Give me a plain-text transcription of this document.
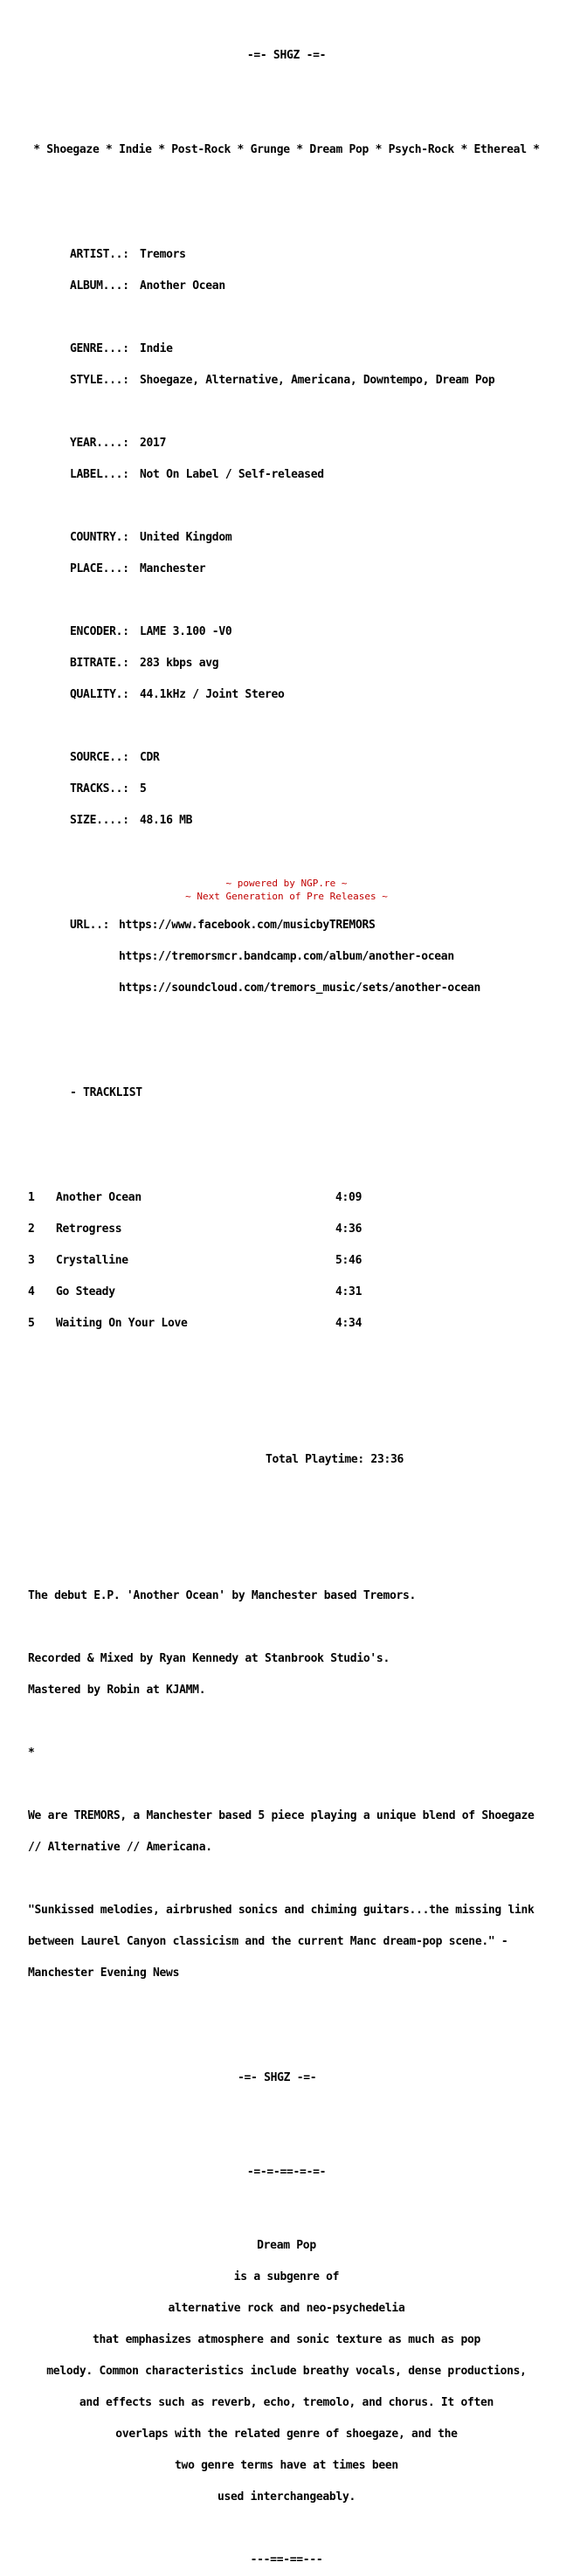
-=- SHGZ -=-

* Shoegaze * Indie * Post-Rock * Grunge * Dream Pop * Psych-Rock * Ethereal *

ARTIST..: Tremors

ALBUM...: Another Ocean

GENRE...: Indie

STYLE...: Shoegaze, Alternative, Americana, Downtempo, Dream Pop

YEAR....: 2017

LABEL...: Not On Label / Self-released

COUNTRY.: United Kingdom

PLACE...: Manchester

ENCODER.: LAME 3.100 -V0

BITRATE.: 283 kbps avg

QUALITY.: 44.1kHz / Joint Stereo

SOURCE..: CDR

TRACKS..: 5

SIZE....: 48.16 MB

URL..: https://www.facebook.com/musicbyTREMORS

https://tremorsmcr.bandcamp.com/album/another-ocean

https://soundcloud.com/tremors_music/sets/another-ocean

- TRACKLIST

1 Another Ocean	4:09

2 Retrogress	4:36

3 Crystalline	5:46

4 Go Steady	4:31

5 Waiting On Your Love	4:34

Total Playtime: 23:36

The debut E.P. 'Another Ocean' by Manchester based Tremors.

Recorded & Mixed by Ryan Kennedy at Stanbrook Studio's.

Mastered by Robin at KJAMM.

*

We are TREMORS, a Manchester based 5 piece playing a unique blend of Shoegaze

// Alternative // Americana.

"Sunkissed melodies, airbrushed sonics and chiming guitars...the missing link

between Laurel Canyon classicism and the current Manc dream-pop scene." -

Manchester Evening News

-=- SHGZ -=-

-=-=-==-=-=-

Dream Pop

is a subgenre of

alternative rock and neo-psychedelia

that emphasizes atmosphere and sonic texture as much as pop

melody. Common characteristics include breathy vocals, dense productions,

and effects such as reverb, echo, tremolo, and chorus. It often

overlaps with the related genre of shoegaze, and the

two genre terms have at times been

used interchangeably.

---==-==---

~ powered by NGP.re ~
~ Next Generation of Pre Releases ~
